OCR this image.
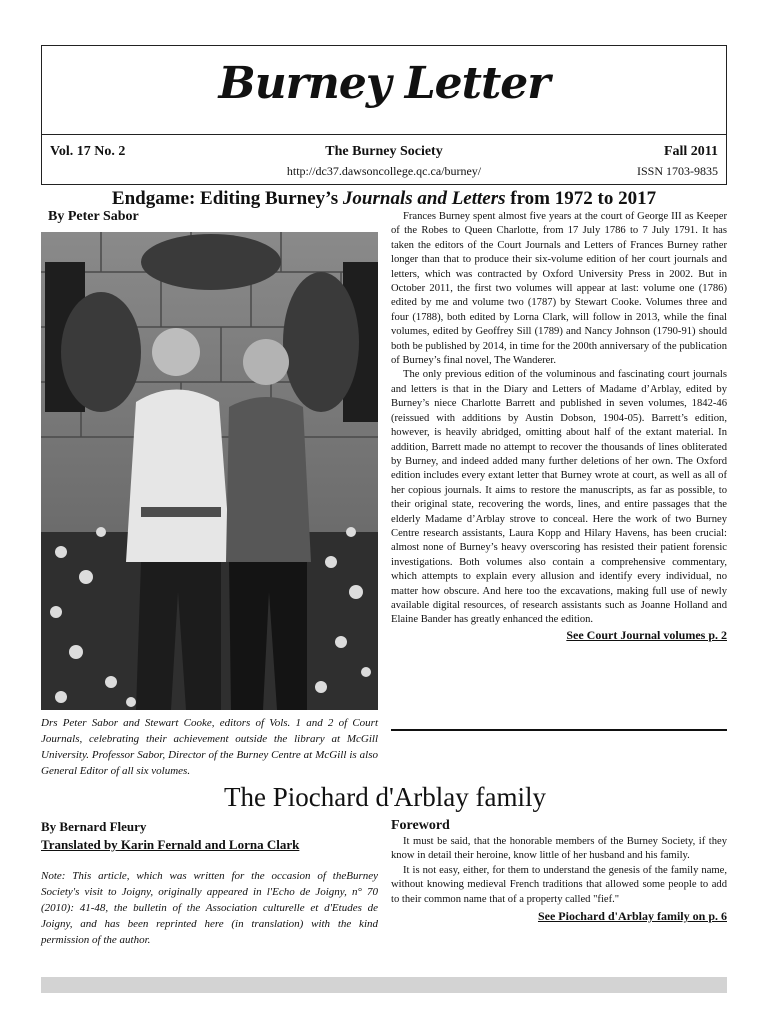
Burney Letter
Vol. 17 No. 2	The Burney Society	Fall 2011
http://dc37.dawsoncollege.qc.ca/burney/	ISSN 1703-9835
Endgame: Editing Burney’s Journals and Letters from 1972 to 2017
By Peter Sabor
Drs Peter Sabor and Stewart Cooke, editors of Vols. 1 and 2 of Court Journals, celebrating their achievement outside the library at McGill University. Professor Sabor, Director of the Burney Centre at McGill is also General Editor of all six volumes.

Frances Burney spent almost five years at the court of George III as Keeper of the Robes to Queen Charlotte, from 17 July 1786 to 7 July 1791. It has taken the editors of the Court Journals and Letters of Frances Burney rather longer than that to produce their six-volume edition of her court journals and letters, which was contracted by Oxford University Press in 2002. But in October 2011, the first two volumes will appear at last: volume one (1786) edited by me and volume two (1787) by Stewart Cooke. Volumes three and four (1788), both edited by Lorna Clark, will follow in 2013, while the final volumes, edited by Geoffrey Sill (1789) and Nancy Johnson (1790-91) should both be published by 2014, in time for the 200th anniversary of the publication of Burney’s final novel, The Wanderer.

The only previous edition of the voluminous and fascinating court journals and letters is that in the Diary and Letters of Madame d’Arblay, edited by Burney’s niece Charlotte Barrett and published in seven volumes, 1842-46 (reissued with additions by Austin Dobson, 1904-05). Barrett’s edition, however, is heavily abridged, omitting about half of the extant material. In addition, Barrett made no attempt to recover the thousands of lines obliterated by Burney, and indeed added many further deletions of her own. The Oxford edition includes every extant letter that Burney wrote at court, as well as all of her copious journals. It aims to restore the manuscripts, as far as possible, to their original state, recovering the words, lines, and entire passages that the elderly Madame d’Arblay strove to conceal. Here the work of two Burney Centre research assistants, Laura Kopp and Hilary Havens, has been crucial: almost none of Burney’s heavy overscoring has resisted their patient forensic investigations. Both volumes also contain a comprehensive commentary, which attempts to explain every allusion and identify every individual, no matter how obscure. And here too the excavations, making full use of newly available digital resources, of research assistants such as Joanne Holland and Elaine Bander has greatly enhanced the edition.

See Court Journal volumes p. 2
The Piochard d'Arblay family
By Bernard Fleury
Translated by Karin Fernald and Lorna Clark
Note: This article, which was written for the occasion of theBurney Society's visit to Joigny, originally appeared in l'Echo de Joigny, n° 70 (2010): 41-48, the bulletin of the Association culturelle et d'Etudes de Joigny, and has been reprinted here (in translation) with the kind permission of the author.
Foreword

It must be said, that the honorable members of the Burney Society, if they know in detail their heroine, know little of her husband and his family.

It is not easy, either, for them to understand the genesis of the family name, without knowing medieval French traditions that allowed some people to add to their common name that of a property called "fief."

See Piochard d'Arblay family on p. 6
